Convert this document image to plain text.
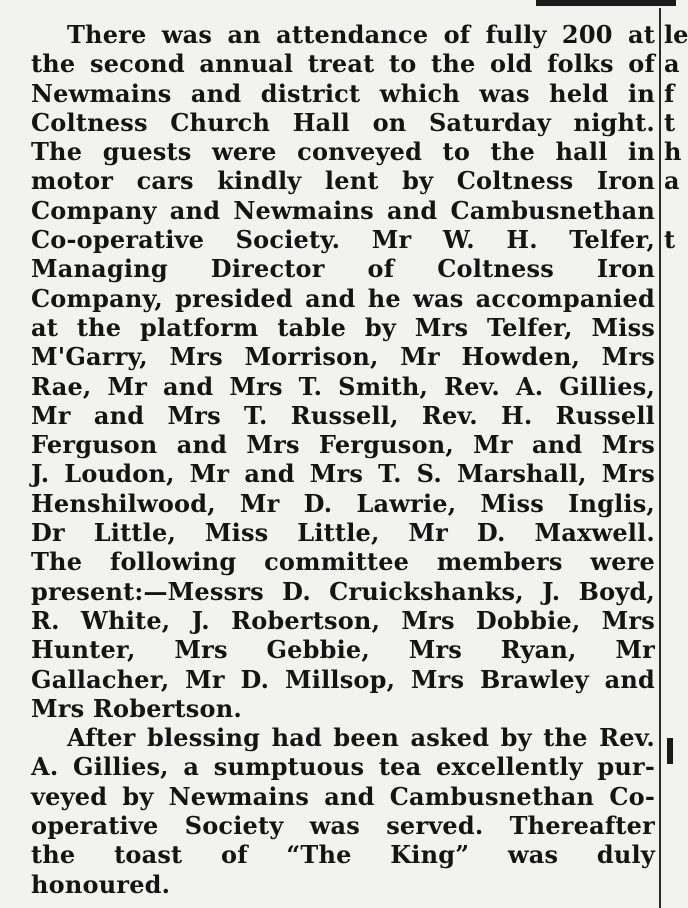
There was an attendance of fully 200 at
the second annual treat to the old folks of
Newmains and district which was held in
Coltness Church Hall on Saturday night.
The guests were conveyed to the hall in
motor cars kindly lent by Coltness Iron
Company and Newmains and Cambusnethan
Co-operative Society. Mr W. H. Telfer,
Managing Director of Coltness Iron
Company, presided and he was accompanied
at the platform table by Mrs Telfer, Miss
M'Garry, Mrs Morrison, Mr Howden, Mrs
Rae, Mr and Mrs T. Smith, Rev. A. Gillies,
Mr and Mrs T. Russell, Rev. H. Russell
Ferguson and Mrs Ferguson, Mr and Mrs
J. Loudon, Mr and Mrs T. S. Marshall, Mrs
Henshilwood, Mr D. Lawrie, Miss Inglis,
Dr Little, Miss Little, Mr D. Maxwell.
The following committee members were
present:—Messrs D. Cruickshanks, J. Boyd,
R. White, J. Robertson, Mrs Dobbie, Mrs
Hunter, Mrs Gebbie, Mrs Ryan, Mr
Gallacher, Mr D. Millsop, Mrs Brawley and
Mrs Robertson.
After blessing had been asked by the Rev.
A. Gillies, a sumptuous tea excellently pur-
veyed by Newmains and Cambusnethan Co-
operative Society was served. Thereafter
the toast of “The King” was duly
honoured.
le
a
f
t
h
a
t
